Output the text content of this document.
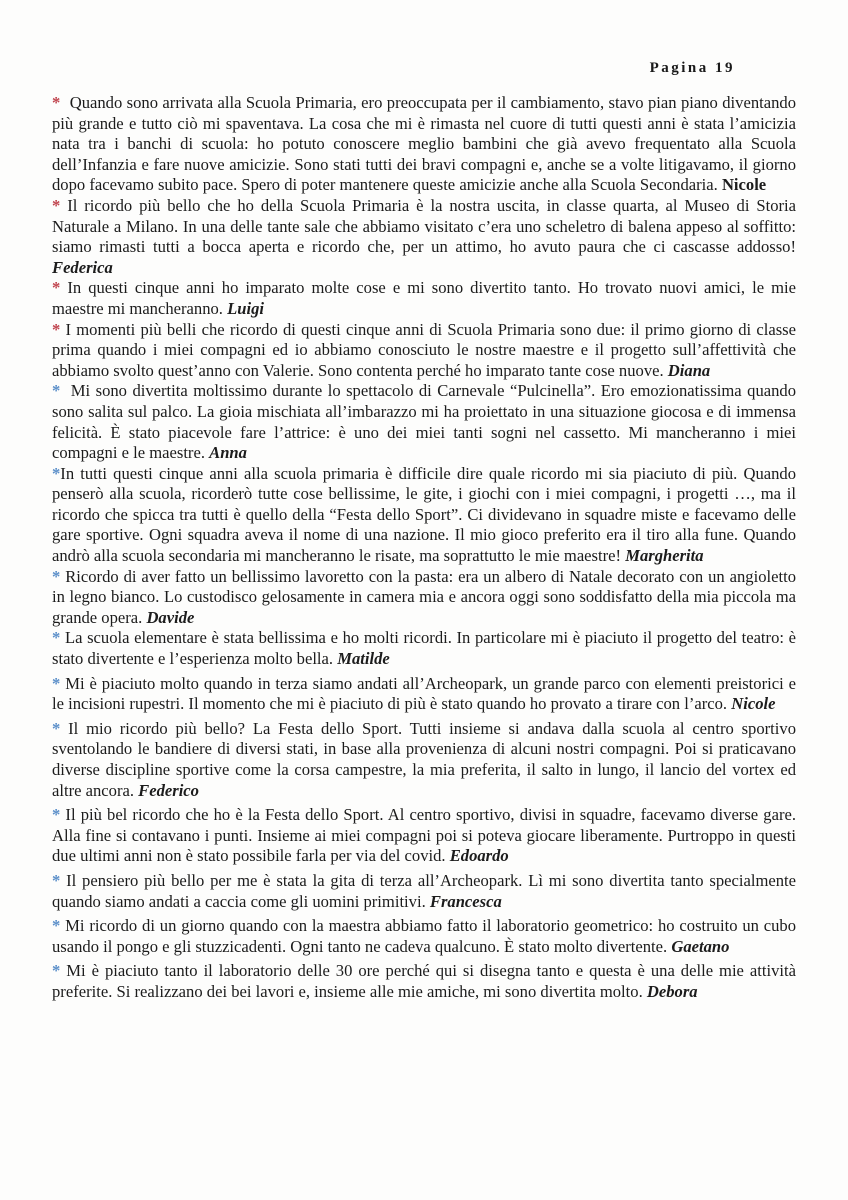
Pagina 19

* Quando sono arrivata alla Scuola Primaria, ero preoccupata per il cambiamento, stavo pian piano diventando più grande e tutto ciò mi spaventava. La cosa che mi è rimasta nel cuore di tutti questi anni è stata l’amicizia nata tra i banchi di scuola: ho potuto conoscere meglio bambini che già avevo frequentato alla Scuola dell’Infanzia e fare nuove amicizie. Sono stati tutti dei bravi compagni e, anche se a volte litigavamo, il giorno dopo facevamo subito pace. Spero di poter mantenere queste amicizie anche alla Scuola Secondaria. Nicole

* Il ricordo più bello che ho della Scuola Primaria è la nostra uscita, in classe quarta, al Museo di Storia Naturale a Milano. In una delle tante sale che abbiamo visitato c’era uno scheletro di balena appeso al soffitto: siamo rimasti tutti a bocca aperta e ricordo che, per un attimo, ho avuto paura che ci cascasse addosso! Federica

* In questi cinque anni ho imparato molte cose e mi sono divertito tanto. Ho trovato nuovi amici, le mie maestre mi mancheranno. Luigi

* I momenti più belli che ricordo di questi cinque anni di Scuola Primaria sono due: il primo giorno di classe prima quando i miei compagni ed io abbiamo conosciuto le nostre maestre e il progetto sull’affettività che abbiamo svolto quest’anno con Valerie. Sono contenta perché ho imparato tante cose nuove. Diana

* Mi sono divertita moltissimo durante lo spettacolo di Carnevale “Pulcinella”. Ero emozionatissima quando sono salita sul palco. La gioia mischiata all’imbarazzo mi ha proiettato in una situazione giocosa e di immensa felicità. È stato piacevole fare l’attrice: è uno dei miei tanti sogni nel cassetto. Mi mancheranno i miei compagni e le maestre. Anna

*In tutti questi cinque anni alla scuola primaria è difficile dire quale ricordo mi sia piaciuto di più. Quando penserò alla scuola, ricorderò tutte cose bellissime, le gite, i giochi con i miei compagni, i progetti …, ma il ricordo che spicca tra tutti è quello della “Festa dello Sport”. Ci dividevano in squadre miste e facevamo delle gare sportive. Ogni squadra aveva il nome di una nazione. Il mio gioco preferito era il tiro alla fune. Quando andrò alla scuola secondaria mi mancheranno le risate, ma soprattutto le mie maestre! Margherita

* Ricordo di aver fatto un bellissimo lavoretto con la pasta: era un albero di Natale decorato con un angioletto in legno bianco. Lo custodisco gelosamente in camera mia e ancora oggi sono soddisfatto della mia piccola ma grande opera. Davide

* La scuola elementare è stata bellissima e ho molti ricordi. In particolare mi è piaciuto il progetto del teatro: è stato divertente e l’esperienza molto bella. Matilde

* Mi è piaciuto molto quando in terza siamo andati all’Archeopark, un grande parco con elementi preistorici e le incisioni rupestri. Il momento che mi è piaciuto di più è stato quando ho provato a tirare con l’arco. Nicole

* Il mio ricordo più bello? La Festa dello Sport. Tutti insieme si andava dalla scuola al centro sportivo sventolando le bandiere di diversi stati, in base alla provenienza di alcuni nostri compagni. Poi si praticavano diverse discipline sportive come la corsa campestre, la mia preferita, il salto in lungo, il lancio del vortex ed altre ancora. Federico

* Il più bel ricordo che ho è la Festa dello Sport. Al centro sportivo, divisi in squadre, facevamo diverse gare. Alla fine si contavano i punti. Insieme ai miei compagni poi si poteva giocare liberamente. Purtroppo in questi due ultimi anni non è stato possibile farla per via del covid. Edoardo

* Il pensiero più bello per me è stata la gita di terza all’Archeopark. Lì mi sono divertita tanto specialmente quando siamo andati a caccia come gli uomini primitivi. Francesca

* Mi ricordo di un giorno quando con la maestra abbiamo fatto il laboratorio geometrico: ho costruito un cubo usando il pongo e gli stuzzicadenti. Ogni tanto ne cadeva qualcuno. È stato molto divertente. Gaetano

* Mi è piaciuto tanto il laboratorio delle 30 ore perché qui si disegna tanto e questa è una delle mie attività preferite. Si realizzano dei bei lavori e, insieme alle mie amiche, mi sono divertita molto. Debora
